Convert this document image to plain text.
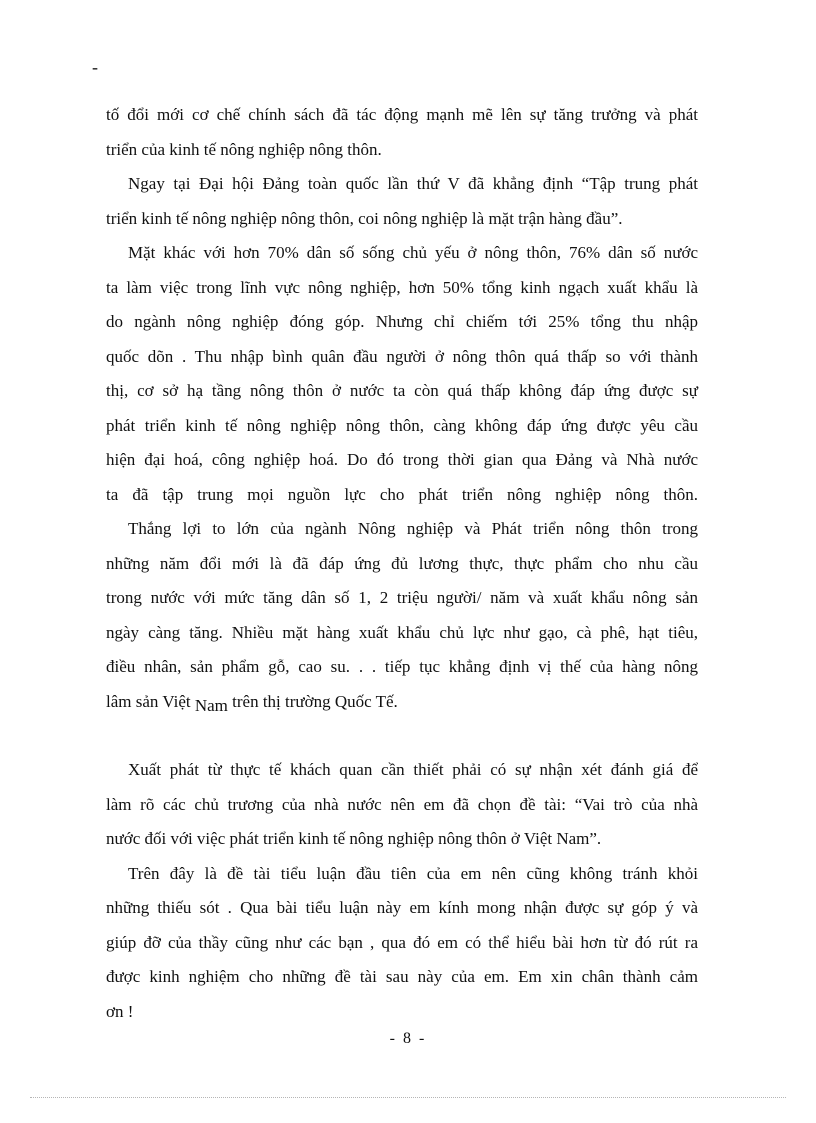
-

tố đổi mới cơ chế chính sách đã tác động mạnh mẽ lên sự tăng trưởng và phát
triển của kinh tế nông nghiệp nông thôn.

Ngay tại Đại hội Đảng toàn quốc lần thứ V đã khẳng định “Tập trung phát
triển kinh tế nông nghiệp nông thôn, coi nông nghiệp là mặt trận hàng đầu”.

Mặt khác với hơn 70% dân số sống chủ yếu ở nông thôn, 76% dân số nước
ta làm việc trong lĩnh vực nông nghiệp, hơn 50% tổng kinh ngạch xuất khẩu là
do ngành nông nghiệp đóng góp. Nhưng chỉ chiếm tới 25% tổng thu nhập
quốc dõn . Thu nhập bình quân đầu người ở nông thôn quá thấp so với thành
thị, cơ sở hạ tầng nông thôn ở nước ta còn quá thấp không đáp ứng được sự
phát triển kinh tế nông nghiệp nông thôn, càng không đáp ứng được yêu cầu
hiện đại hoá, công nghiệp hoá. Do đó trong thời gian qua Đảng và Nhà nước
ta đã tập trung mọi nguồn lực cho phát triển nông nghiệp nông thôn.

Thắng lợi to lớn của ngành Nông nghiệp và Phát triển nông thôn trong
những năm đổi mới là đã đáp ứng đủ lương thực, thực phẩm cho nhu cầu
trong nước với mức tăng dân số 1, 2 triệu người/ năm và xuất khẩu nông sản
ngày càng tăng. Nhiều mặt hàng xuất khẩu chủ lực như gạo, cà phê, hạt tiêu,
điều nhân, sản phẩm gỗ, cao su. . . tiếp tục khẳng định vị thế của hàng nông
lâm sản Việt Nam trên thị trường Quốc Tế.

Xuất phát từ thực tế khách quan cần thiết phải có sự nhận xét đánh giá để
làm rõ các chủ trương của nhà nước nên em đã chọn đề tài: “Vai trò của nhà
nước đối với việc phát triển kinh tế nông nghiệp nông thôn ở Việt Nam”.

Trên đây là đề tài tiểu luận đầu tiên của em nên cũng không tránh khỏi
những thiếu sót . Qua bài tiểu luận này em kính mong nhận được sự góp ý và
giúp đỡ của thầy cũng như các bạn , qua đó em có thể hiểu bài hơn từ đó rút ra
được kinh nghiệm cho những đề tài sau này của em. Em xin chân thành cảm
ơn !

- 8 -
